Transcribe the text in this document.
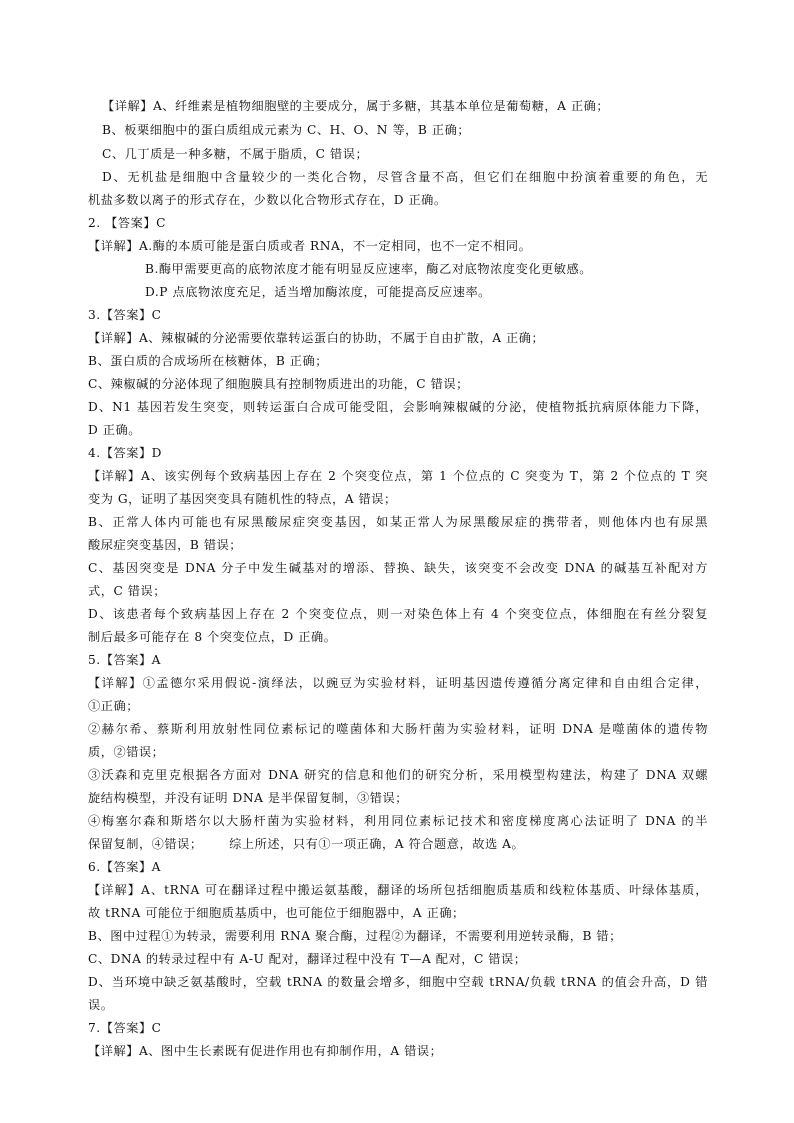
【详解】A、纤维素是植物细胞壁的主要成分，属于多糖，其基本单位是葡萄糖，A 正确；
B、板栗细胞中的蛋白质组成元素为 C、H、O、N 等，B 正确；
C、几丁质是一种多糖，不属于脂质，C 错误；
D、无机盐是细胞中含量较少的一类化合物，尽管含量不高，但它们在细胞中扮演着重要的角色，无
机盐多数以离子的形式存在，少数以化合物形式存在，D 正确。
2. 【答案】C
【详解】A.酶的本质可能是蛋白质或者 RNA，不一定相同，也不一定不相同。
B.酶甲需要更高的底物浓度才能有明显反应速率，酶乙对底物浓度变化更敏感。
D.P 点底物浓度充足，适当增加酶浓度，可能提高反应速率。
3.【答案】C
【详解】A、辣椒碱的分泌需要依靠转运蛋白的协助，不属于自由扩散，A 正确；
B、蛋白质的合成场所在核糖体，B 正确；
C、辣椒碱的分泌体现了细胞膜具有控制物质进出的功能，C 错误；
D、N1 基因若发生突变，则转运蛋白合成可能受阻，会影响辣椒碱的分泌，使植物抵抗病原体能力下降，
D 正确。
4.【答案】D
【详解】A、该实例每个致病基因上存在 2 个突变位点，第 1 个位点的 C 突变为 T，第 2 个位点的 T 突
变为 G，证明了基因突变具有随机性的特点，A 错误；
B、正常人体内可能也有尿黑酸尿症突变基因，如某正常人为尿黑酸尿症的携带者，则他体内也有尿黑
酸尿症突变基因，B 错误；
C、基因突变是 DNA 分子中发生碱基对的增添、替换、缺失，该突变不会改变 DNA 的碱基互补配对方
式，C 错误；
D、该患者每个致病基因上存在 2 个突变位点，则一对染色体上有 4 个突变位点，体细胞在有丝分裂复
制后最多可能存在 8 个突变位点，D 正确。
5.【答案】A
【详解】①孟德尔采用假说-演绎法，以豌豆为实验材料，证明基因遗传遵循分离定律和自由组合定律，
①正确；
②赫尔希、蔡斯利用放射性同位素标记的噬菌体和大肠杆菌为实验材料，证明 DNA 是噬菌体的遗传物
质，②错误；
③沃森和克里克根据各方面对 DNA 研究的信息和他们的研究分析，采用模型构建法，构建了 DNA 双螺
旋结构模型，并没有证明 DNA 是半保留复制，③错误；
④梅塞尔森和斯塔尔以大肠杆菌为实验材料，利用同位素标记技术和密度梯度离心法证明了 DNA 的半
保留复制，④错误；      综上所述，只有①一项正确，A 符合题意，故选 A。
6.【答案】A
【详解】A、tRNA 可在翻译过程中搬运氨基酸，翻译的场所包括细胞质基质和线粒体基质、叶绿体基质，
故 tRNA 可能位于细胞质基质中，也可能位于细胞器中，A 正确；
B、图中过程①为转录，需要利用 RNA 聚合酶，过程②为翻译，不需要利用逆转录酶，B 错；
C、DNA 的转录过程中有 A-U 配对，翻译过程中没有 T—A 配对，C 错误；
D、当环境中缺乏氨基酸时，空载 tRNA 的数量会增多，细胞中空载 tRNA/负载 tRNA 的值会升高，D 错
误。
7.【答案】C
【详解】A、图中生长素既有促进作用也有抑制作用，A 错误；
